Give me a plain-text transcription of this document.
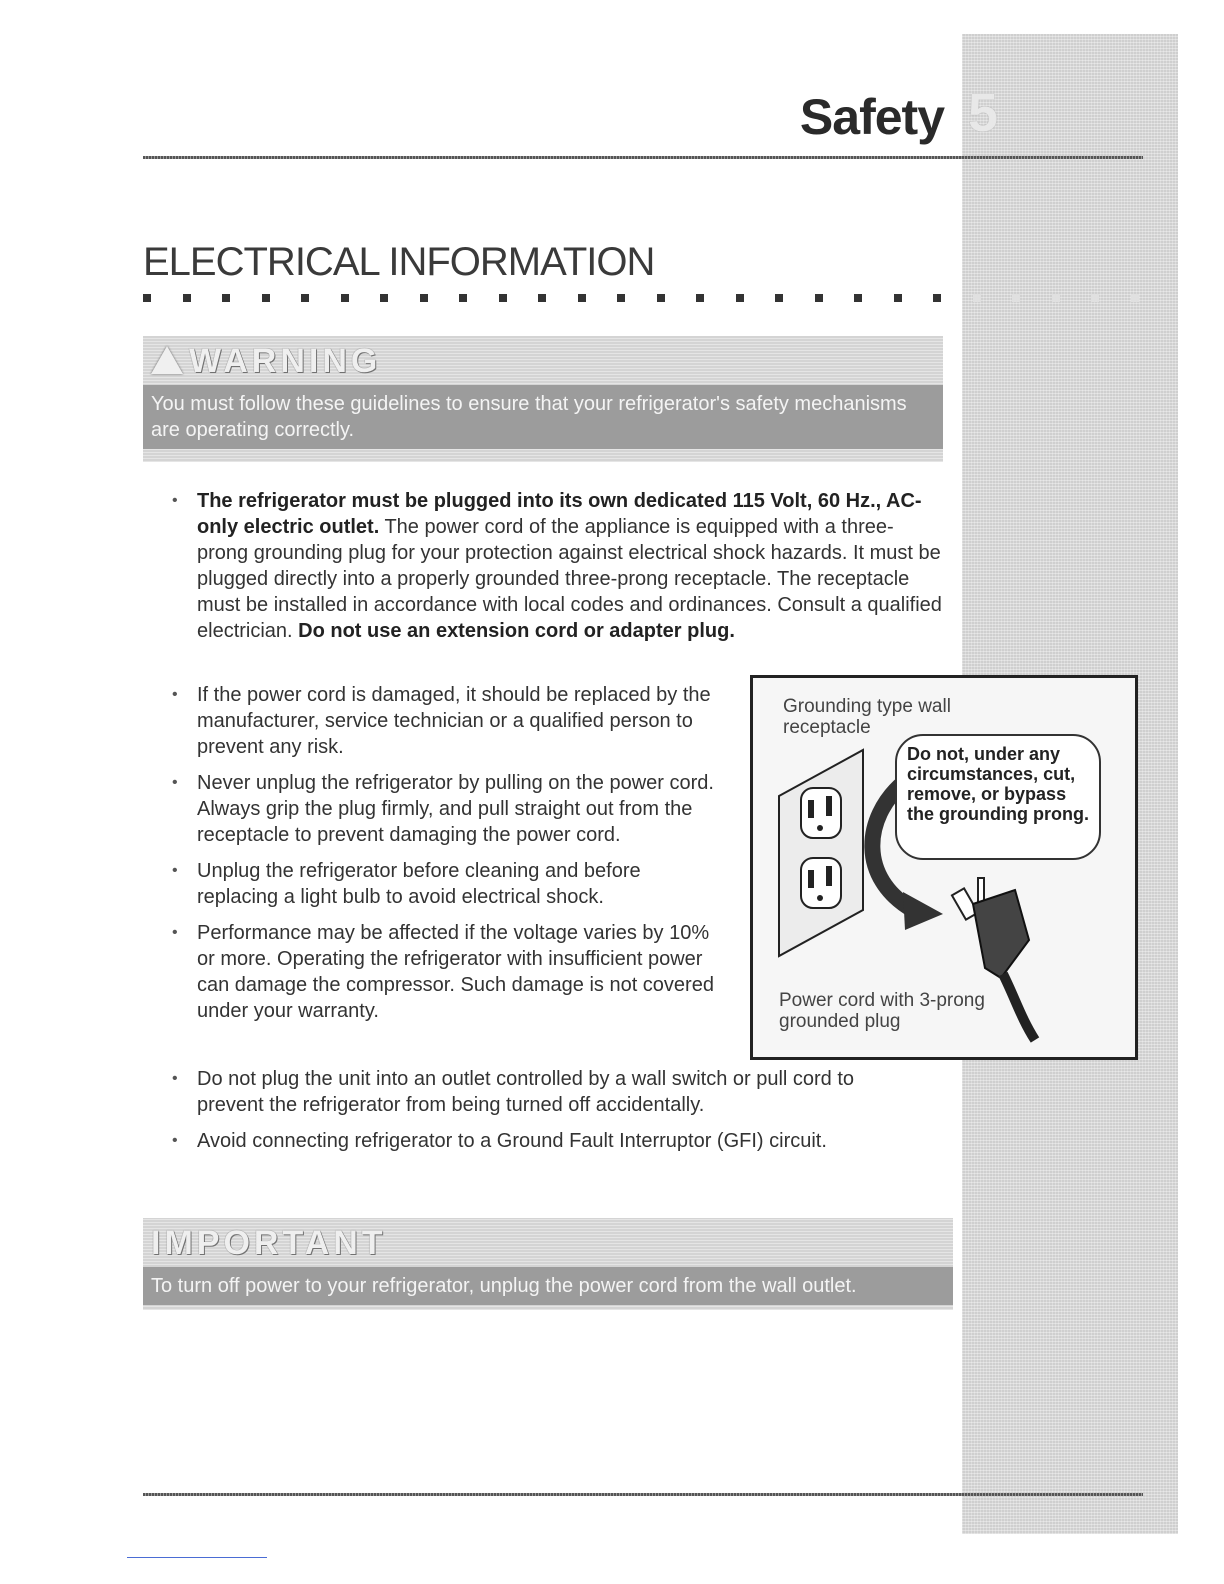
Safety 5
ELECTRICAL INFORMATION
WARNING
You must follow these guidelines to ensure that your refrigerator's safety mechanisms are operating correctly.
• The refrigerator must be plugged into its own dedicated 115 Volt, 60 Hz., AC-only electric outlet. The power cord of the appliance is equipped with a three-prong grounding plug for your protection against electrical shock hazards. It must be plugged directly into a properly grounded three-prong receptacle. The receptacle must be installed in accordance with local codes and ordinances. Consult a qualified electrician. Do not use an extension cord or adapter plug.
• If the power cord is damaged, it should be replaced by the manufacturer, service technician or a qualified person to prevent any risk.
• Never unplug the refrigerator by pulling on the power cord. Always grip the plug firmly, and pull straight out from the receptacle to prevent damaging the power cord.
• Unplug the refrigerator before cleaning and before replacing a light bulb to avoid electrical shock.
• Performance may be affected if the voltage varies by 10% or more. Operating the refrigerator with insufficient power can damage the compressor. Such damage is not covered under your warranty.
• Do not plug the unit into an outlet controlled by a wall switch or pull cord to prevent the refrigerator from being turned off accidentally.
• Avoid connecting refrigerator to a Ground Fault Interruptor (GFI) circuit.
Grounding type wall receptacle
Do not, under any circumstances, cut, remove, or bypass the grounding prong.
Power cord with 3-prong grounded plug
IMPORTANT
To turn off power to your refrigerator, unplug the power cord from the wall outlet.
